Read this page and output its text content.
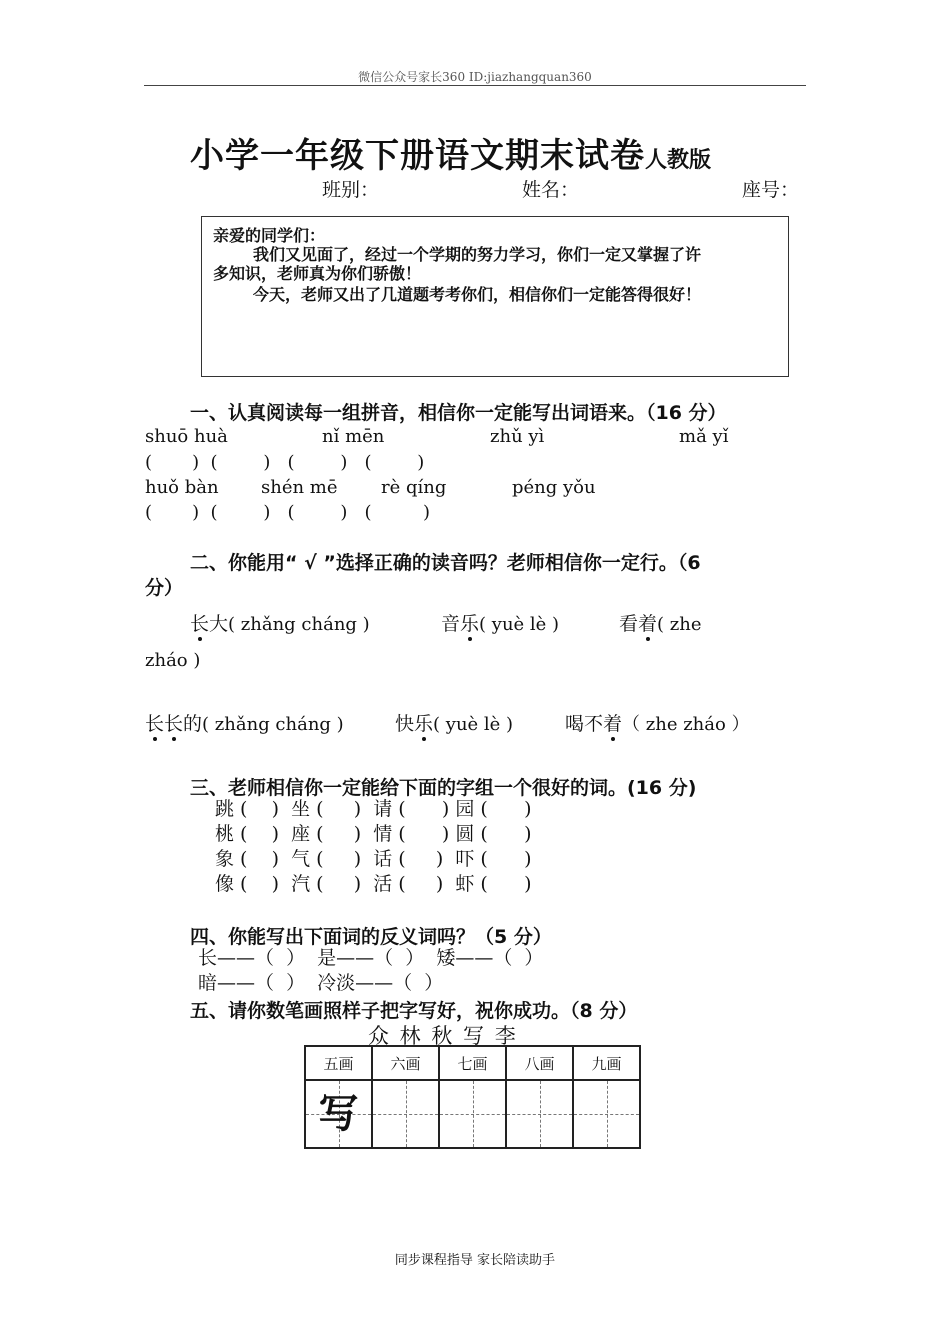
微信公众号家长360 ID:jiazhangquan360
小学一年级下册语文期末试卷人教版
班别：	姓名：	座号：
亲爱的同学们：
我们又见面了，经过一个学期的努力学习，你们一定又掌握了许
多知识，老师真为你们骄傲！
今天，老师又出了几道题考考你们，相信你们一定能答得很好！
一、认真阅读每一组拼音，相信你一定能写出词语来。（16 分）
shuō huà	nǐ mēn	zhǔ yì	mǎ yǐ
(       )  (        )   (        )   (        )
huǒ bàn shén mē rè qíng	péng yǒu
(       )  (        )   (        )   (         )
二、你能用“ √ ”选择正确的读音吗？老师相信你一定行。（6
分）
长大( zhǎng cháng )	音乐( yuè lè )	看着( zhe
zháo )
长长的( zhǎng cháng )	快乐( yuè lè )	喝不着（ zhe zháo ）
三、老师相信你一定能给下面的字组一个很好的词。(16 分)
跳 (    )  坐 (     )  请 (      ) 园 (      )
桃 (    )  座 (     )  情 (      ) 圆 (      )
象 (    )  气 (     )  话 (     )  吓 (      )
像 (    )  汽 (     )  活 (     )  虾 (      )
四、你能写出下面词的反义词吗？（5 分）
长——（  ）  是——（  ）  矮——（  ）
暗——（  ）  冷淡——（  ）
五、请你数笔画照样子把字写好，祝你成功。（8 分）
众 林 秋 写 李
五画	六画	七画	八画	九画

写				

同步课程指导 家长陪读助手
